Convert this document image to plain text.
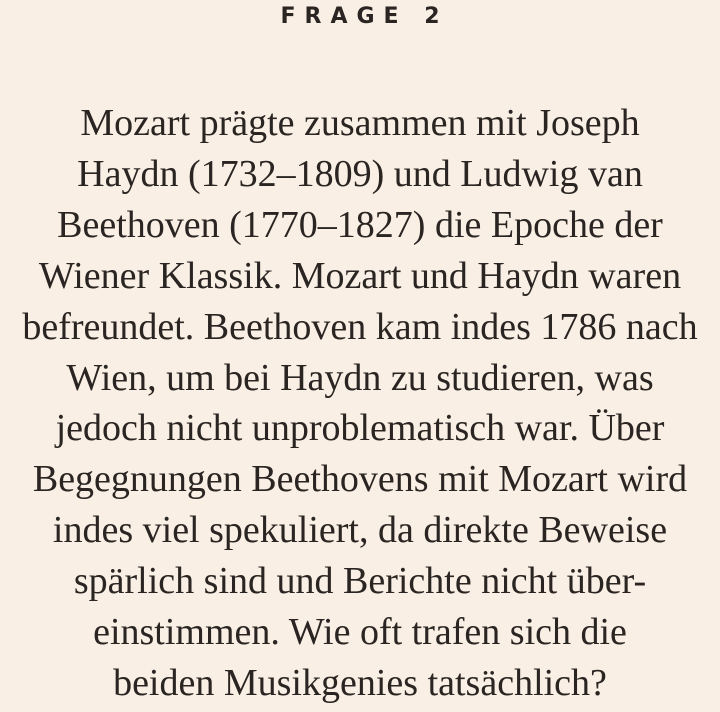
FRAGE 2

Mozart prägte zusammen mit Joseph
Haydn (1732–1809) und Ludwig van
Beethoven (1770–1827) die Epoche der
Wiener Klassik. Mozart und Haydn waren
befreundet. Beethoven kam indes 1786 nach
Wien, um bei Haydn zu studieren, was
jedoch nicht unproblematisch war. Über
Begegnungen Beethovens mit Mozart wird
indes viel spekuliert, da direkte Beweise
spärlich sind und Berichte nicht über-
einstimmen. Wie oft trafen sich die
beiden Musikgenies tatsächlich?
